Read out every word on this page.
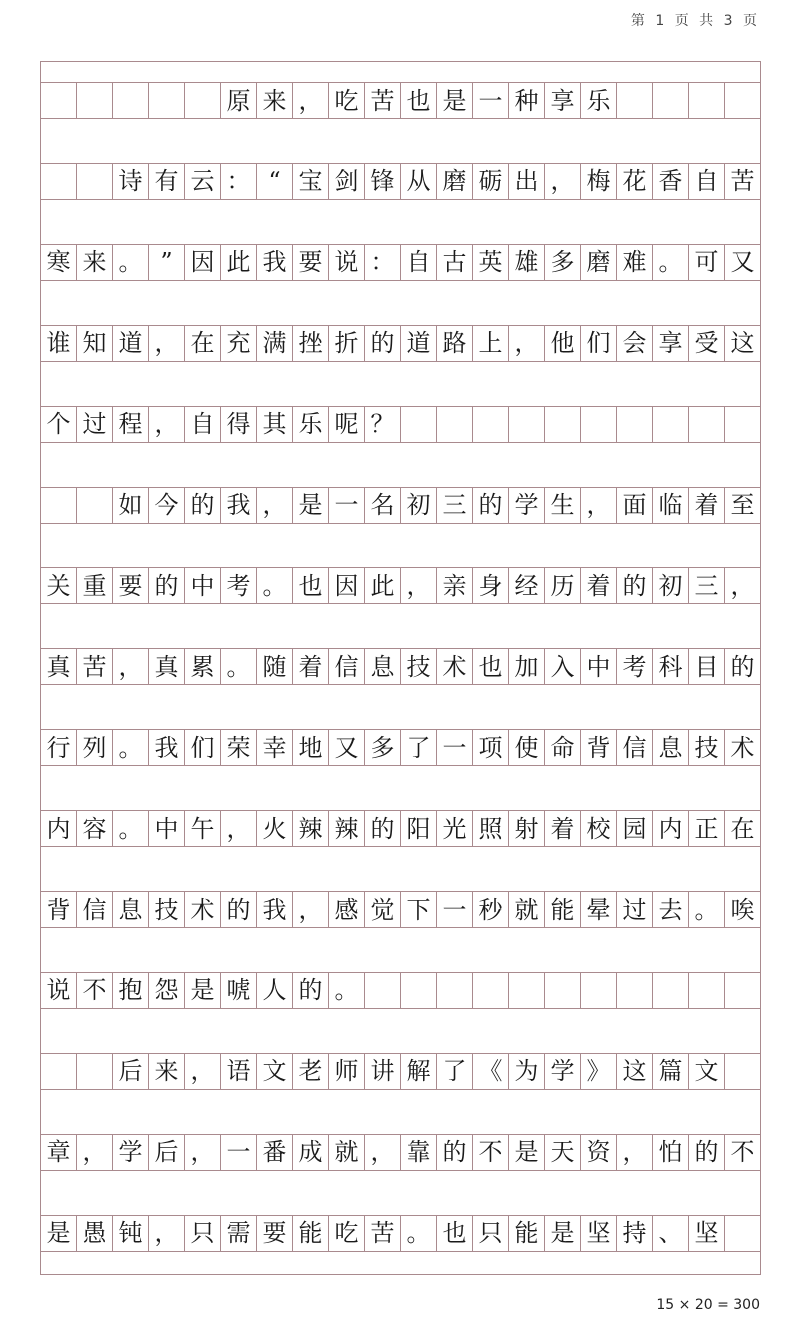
第 1 页 共 3 页
原 来 ， 吃 苦 也 是 一 种 享 乐
诗 有 云 ： “ 宝 剑 锋 从 磨 砺 出 ， 梅 花 香 自 苦
寒 来 。 ” 因 此 我 要 说 ： 自 古 英 雄 多 磨 难 。 可 又
谁 知 道 ， 在 充 满 挫 折 的 道 路 上 ， 他 们 会 享 受 这
个 过 程 ， 自 得 其 乐 呢 ？
如 今 的 我 ， 是 一 名 初 三 的 学 生 ， 面 临 着 至
关 重 要 的 中 考 。 也 因 此 ， 亲 身 经 历 着 的 初 三 ，
真 苦 ， 真 累 。 随 着 信 息 技 术 也 加 入 中 考 科 目 的
行 列 。 我 们 荣 幸 地 又 多 了 一 项 使 命 背 信 息 技 术
内 容 。 中 午 ， 火 辣 辣 的 阳 光 照 射 着 校 园 内 正 在
背 信 息 技 术 的 我 ， 感 觉 下 一 秒 就 能 晕 过 去 。 唉
说 不 抱 怨 是 唬 人 的 。
后 来 ， 语 文 老 师 讲 解 了 《 为 学 》 这 篇 文
章 ， 学 后 ， 一 番 成 就 ， 靠 的 不 是 天 资 ， 怕 的 不
是 愚 钝 ， 只 需 要 能 吃 苦 。 也 只 能 是 坚 持 、 坚
15 × 20 = 300
